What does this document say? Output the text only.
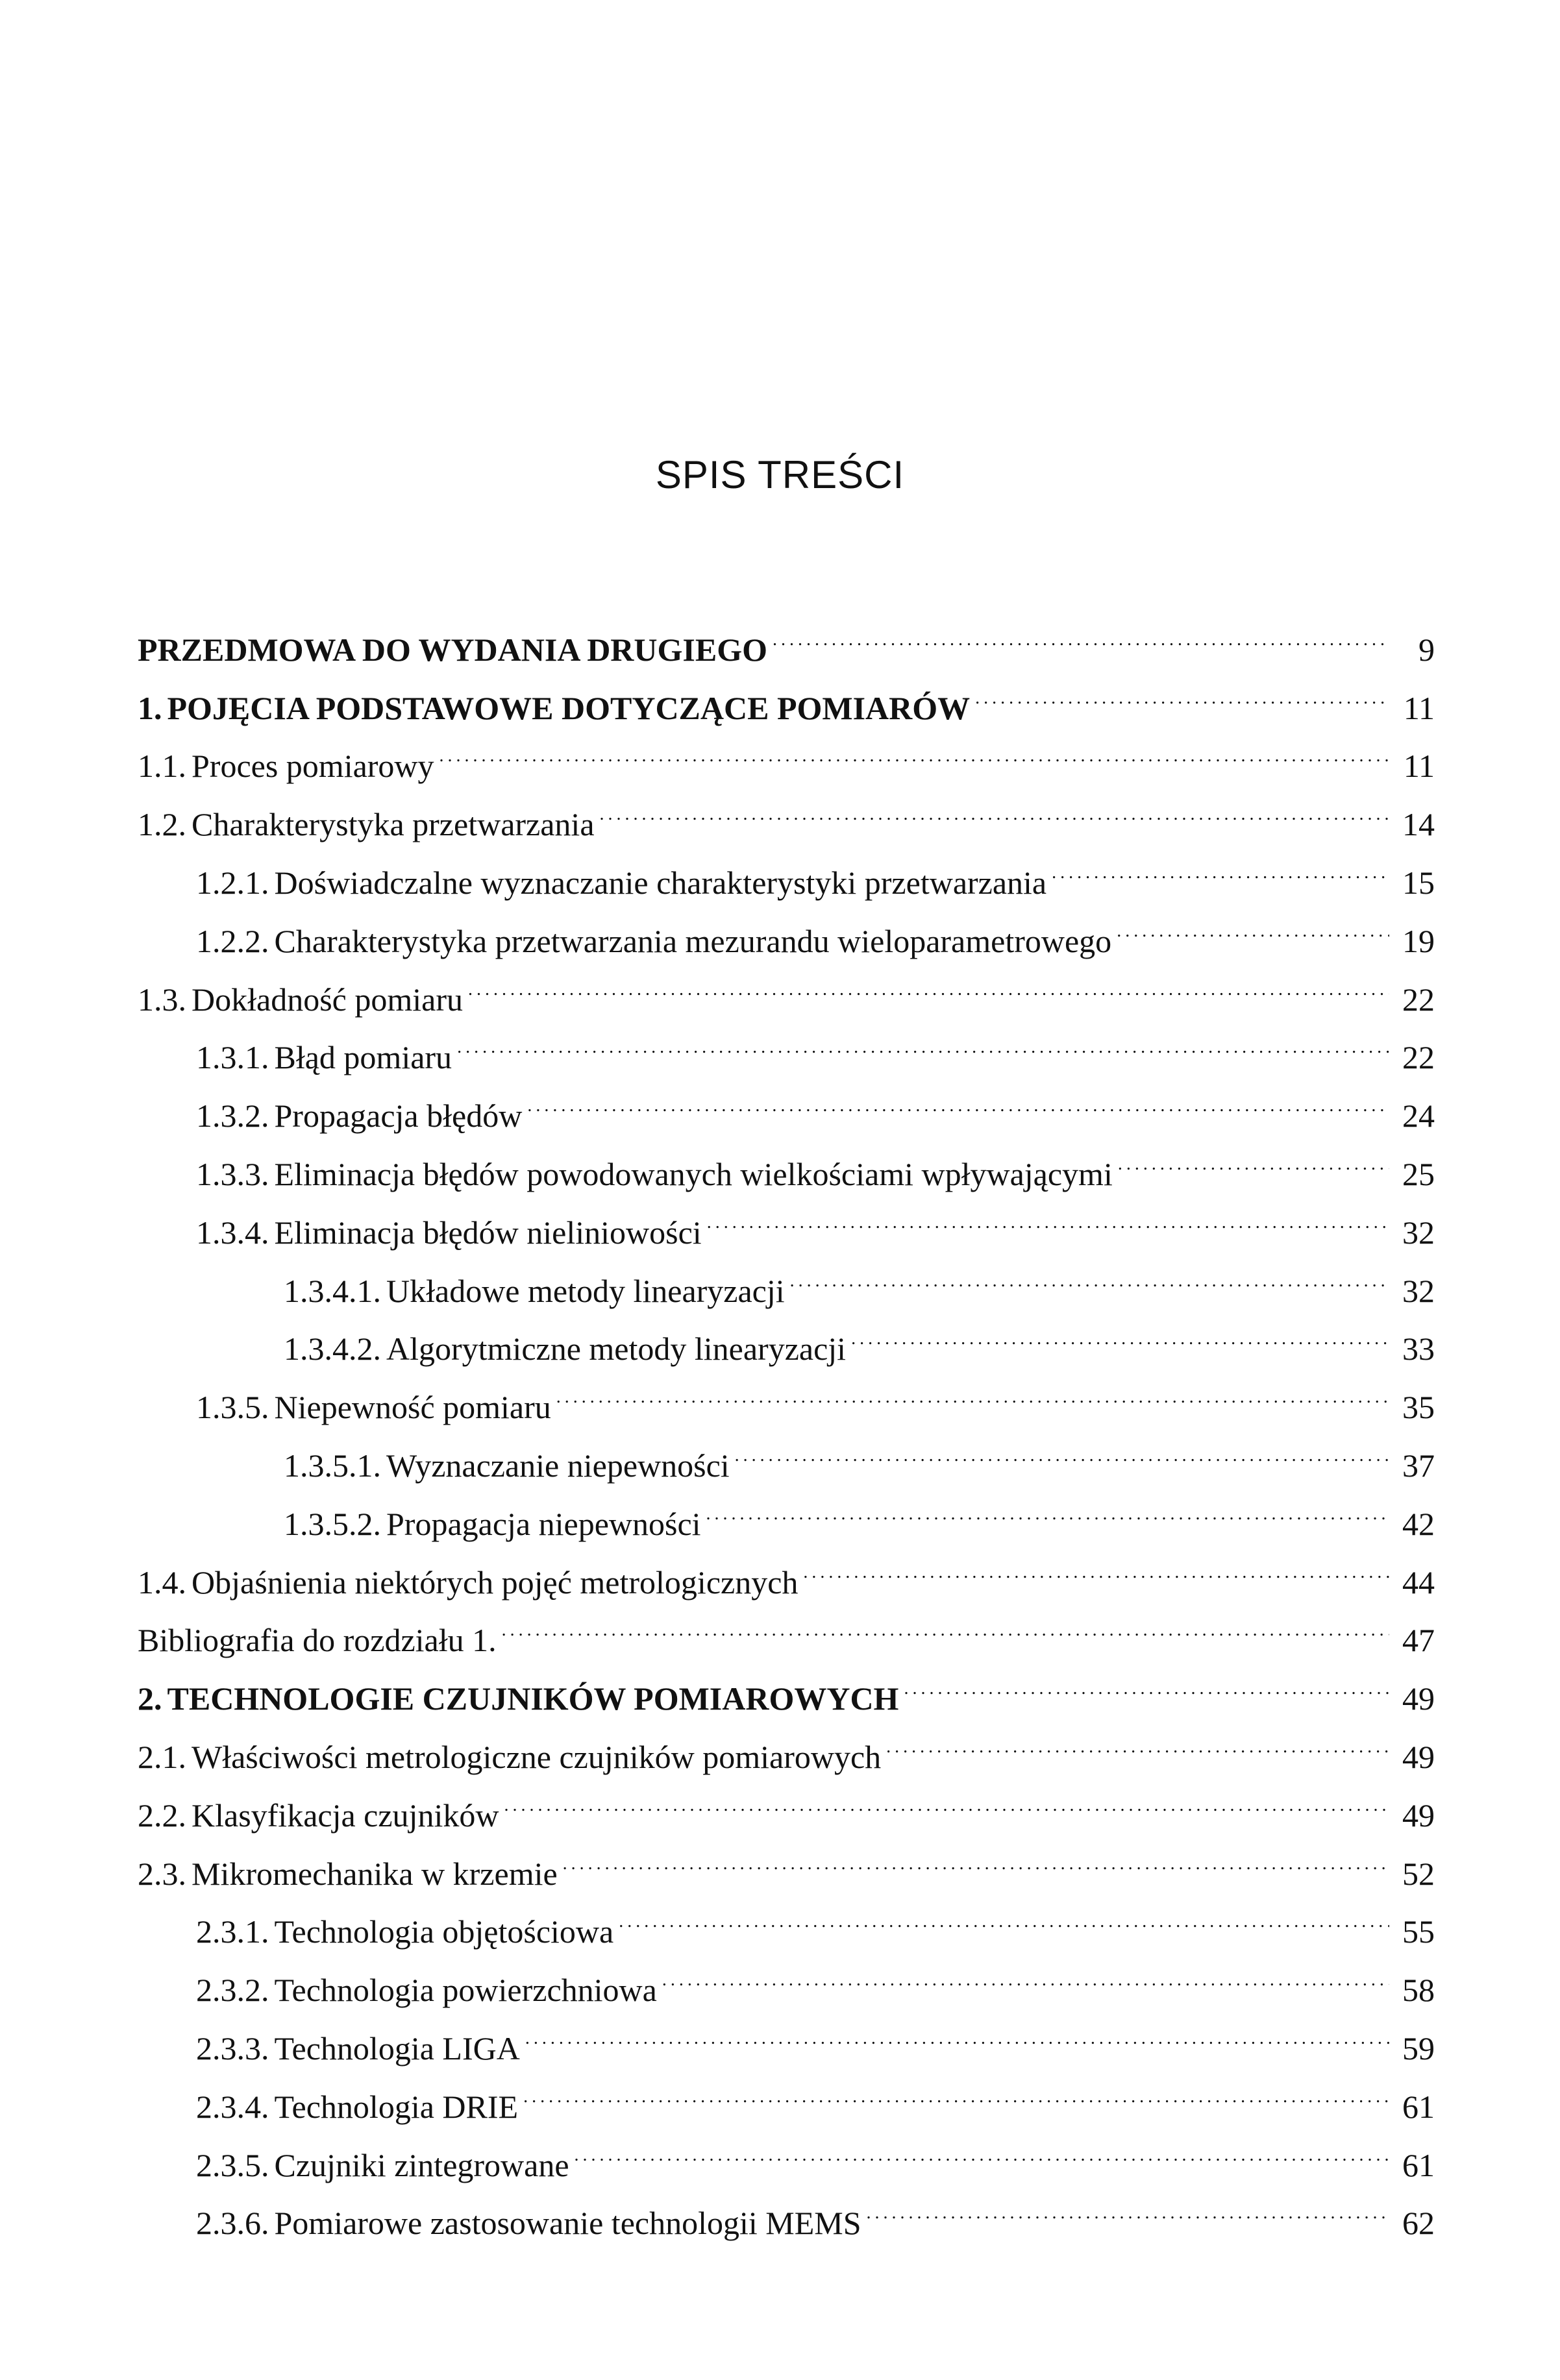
SPIS TREŚCI
PRZEDMOWA DO WYDANIA DRUGIEGO .....	9
1. POJĘCIA PODSTAWOWE DOTYCZĄCE POMIARÓW .....	11
1.1. Proces pomiarowy .....	11
1.2. Charakterystyka przetwarzania .....	14
1.2.1. Doświadczalne wyznaczanie charakterystyki przetwarzania .....	15
1.2.2. Charakterystyka przetwarzania mezurandu wieloparametrowego .....	19
1.3. Dokładność pomiaru .....	22
1.3.1. Błąd pomiaru .....	22
1.3.2. Propagacja błędów .....	24
1.3.3. Eliminacja błędów powodowanych wielkościami wpływającymi .....	25
1.3.4. Eliminacja błędów nieliniowości .....	32
1.3.4.1. Układowe metody linearyzacji .....	32
1.3.4.2. Algorytmiczne metody linearyzacji .....	33
1.3.5. Niepewność pomiaru .....	35
1.3.5.1. Wyznaczanie niepewności .....	37
1.3.5.2. Propagacja niepewności .....	42
1.4. Objaśnienia niektórych pojęć metrologicznych .....	44
Bibliografia do rozdziału 1. .....	47
2. TECHNOLOGIE CZUJNIKÓW POMIAROWYCH .....	49
2.1. Właściwości metrologiczne czujników pomiarowych .....	49
2.2. Klasyfikacja czujników .....	49
2.3. Mikromechanika w krzemie .....	52
2.3.1. Technologia objętościowa .....	55
2.3.2. Technologia powierzchniowa .....	58
2.3.3. Technologia LIGA .....	59
2.3.4. Technologia DRIE .....	61
2.3.5. Czujniki zintegrowane .....	61
2.3.6. Pomiarowe zastosowanie technologii MEMS .....	62
